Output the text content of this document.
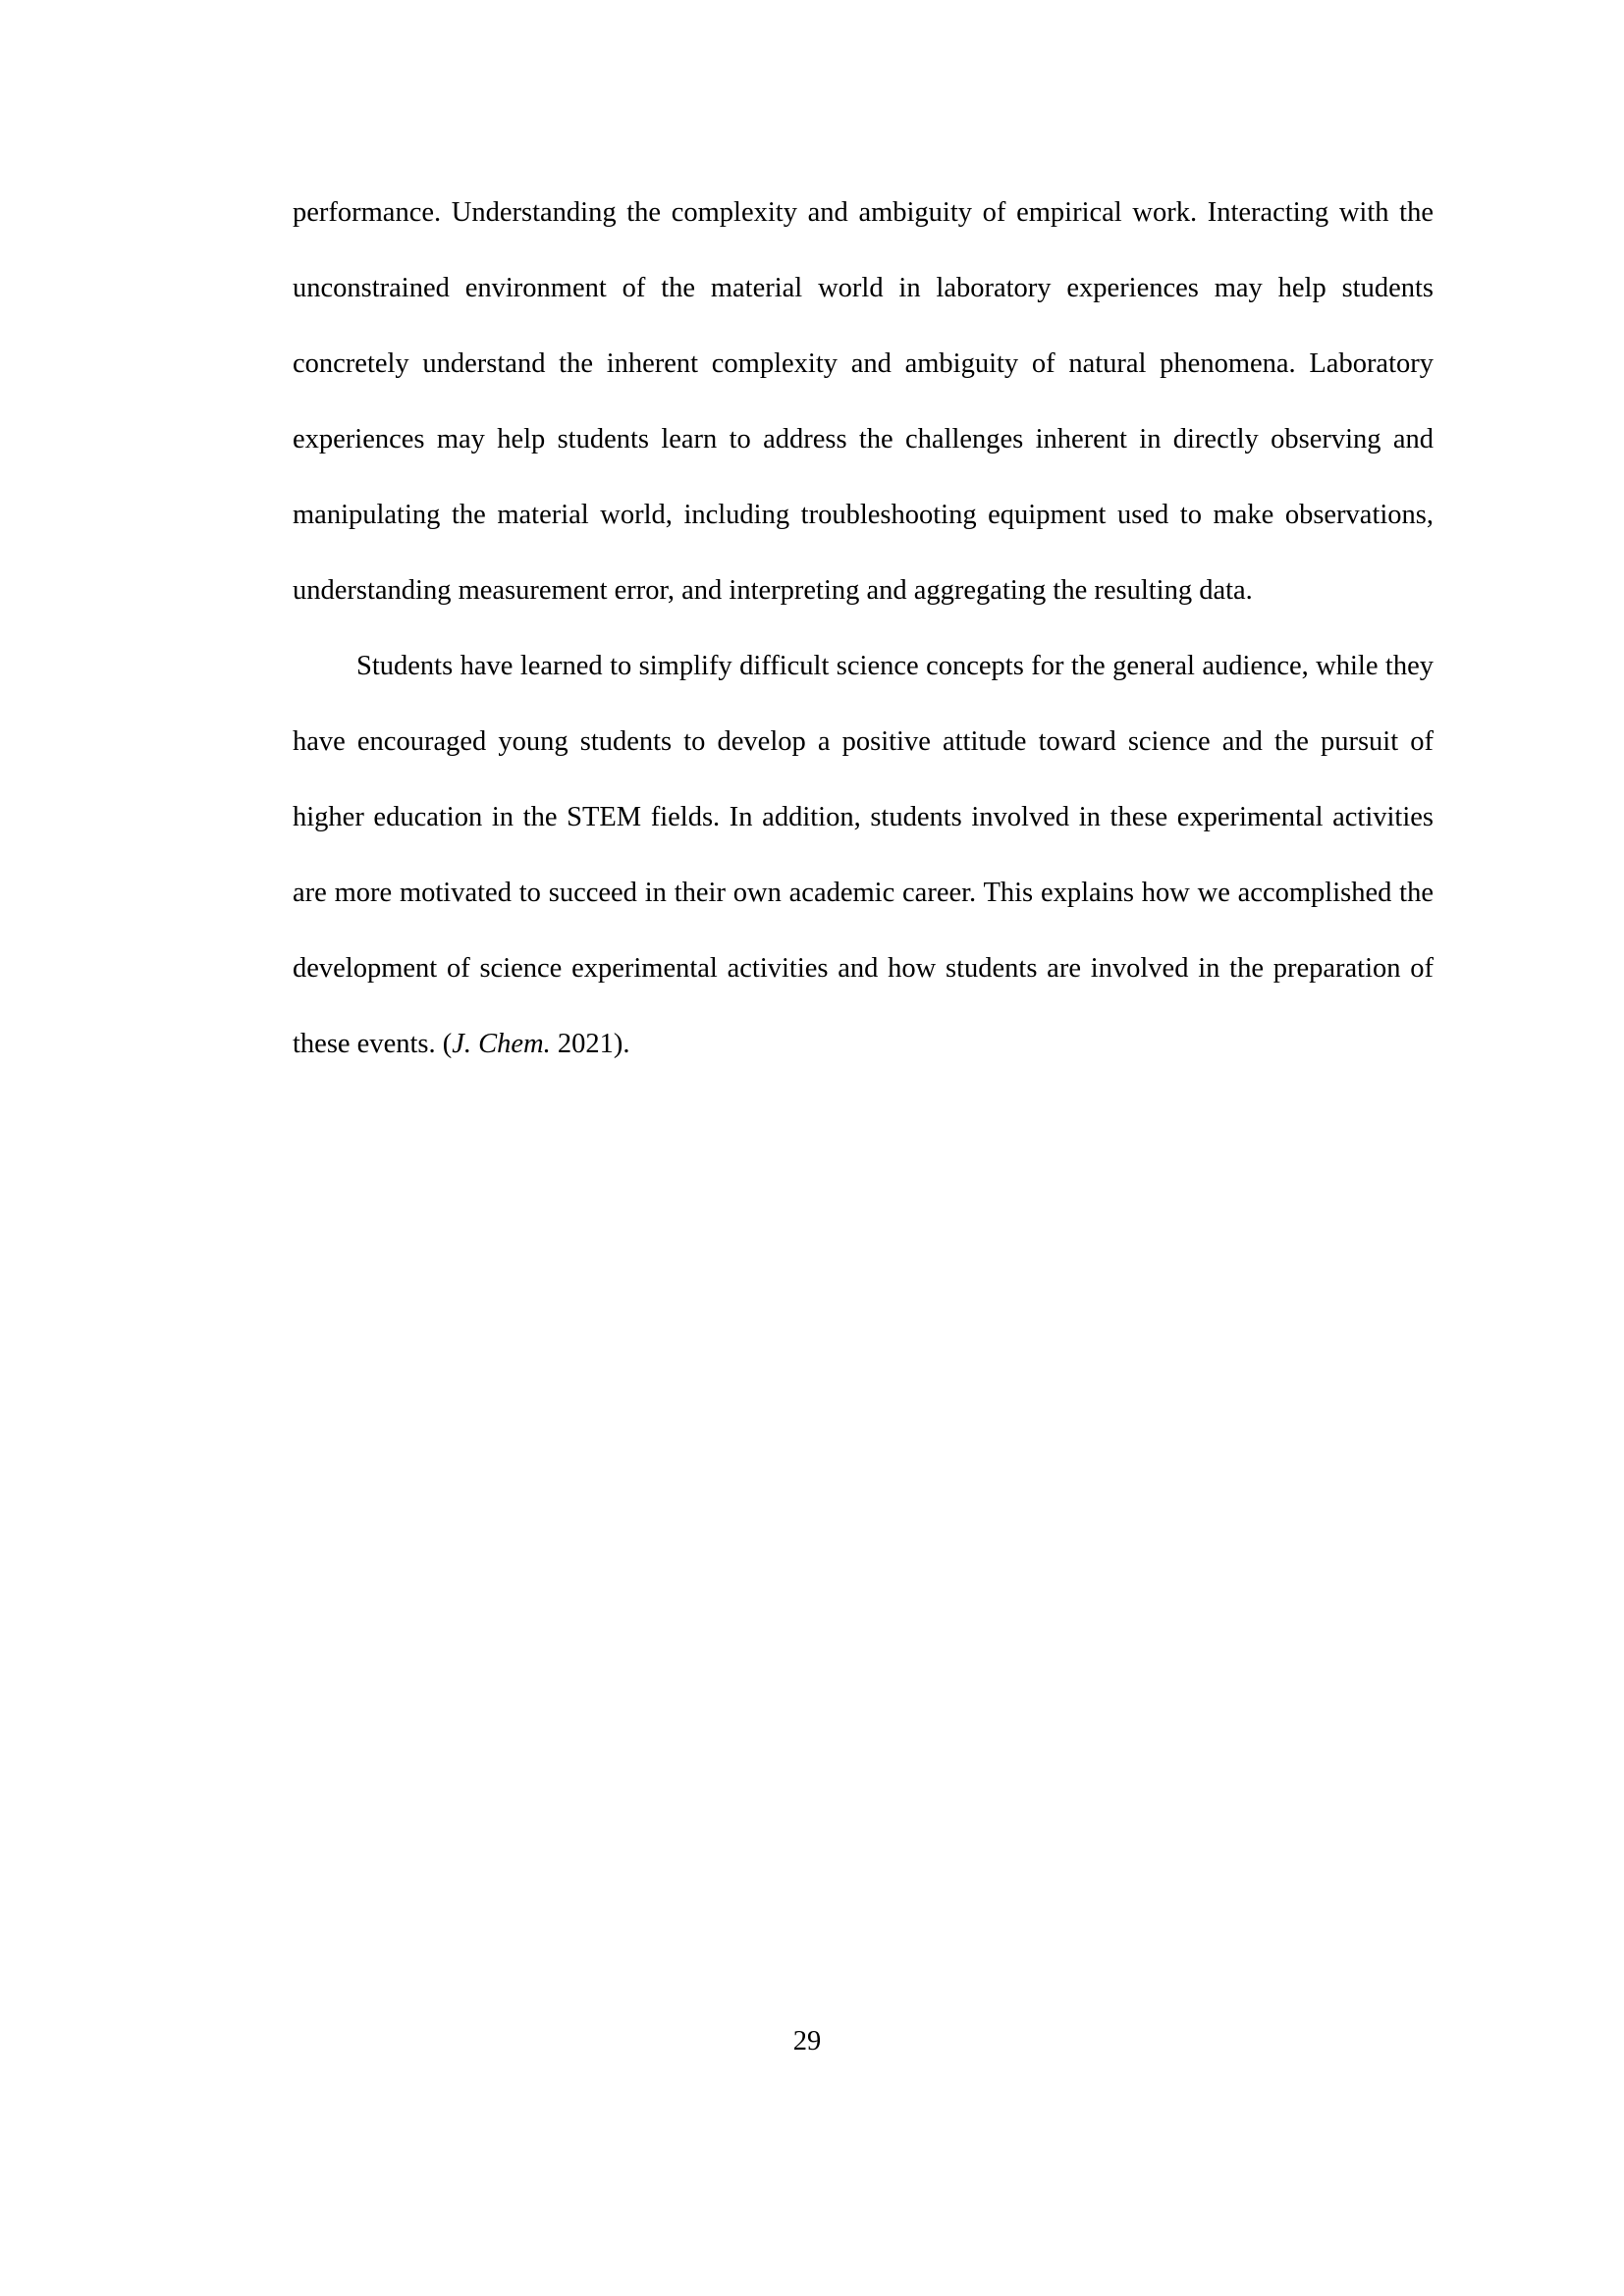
performance. Understanding the complexity and ambiguity of empirical work. Interacting with the unconstrained environment of the material world in laboratory experiences may help students concretely understand the inherent complexity and ambiguity of natural phenomena. Laboratory experiences may help students learn to address the challenges inherent in directly observing and manipulating the material world, including troubleshooting equipment used to make observations, understanding measurement error, and interpreting and aggregating the resulting data.

Students have learned to simplify difficult science concepts for the general audience, while they have encouraged young students to develop a positive attitude toward science and the pursuit of higher education in the STEM fields. In addition, students involved in these experimental activities are more motivated to succeed in their own academic career. This explains how we accomplished the development of science experimental activities and how students are involved in the preparation of these events. (J. Chem. 2021).

29
